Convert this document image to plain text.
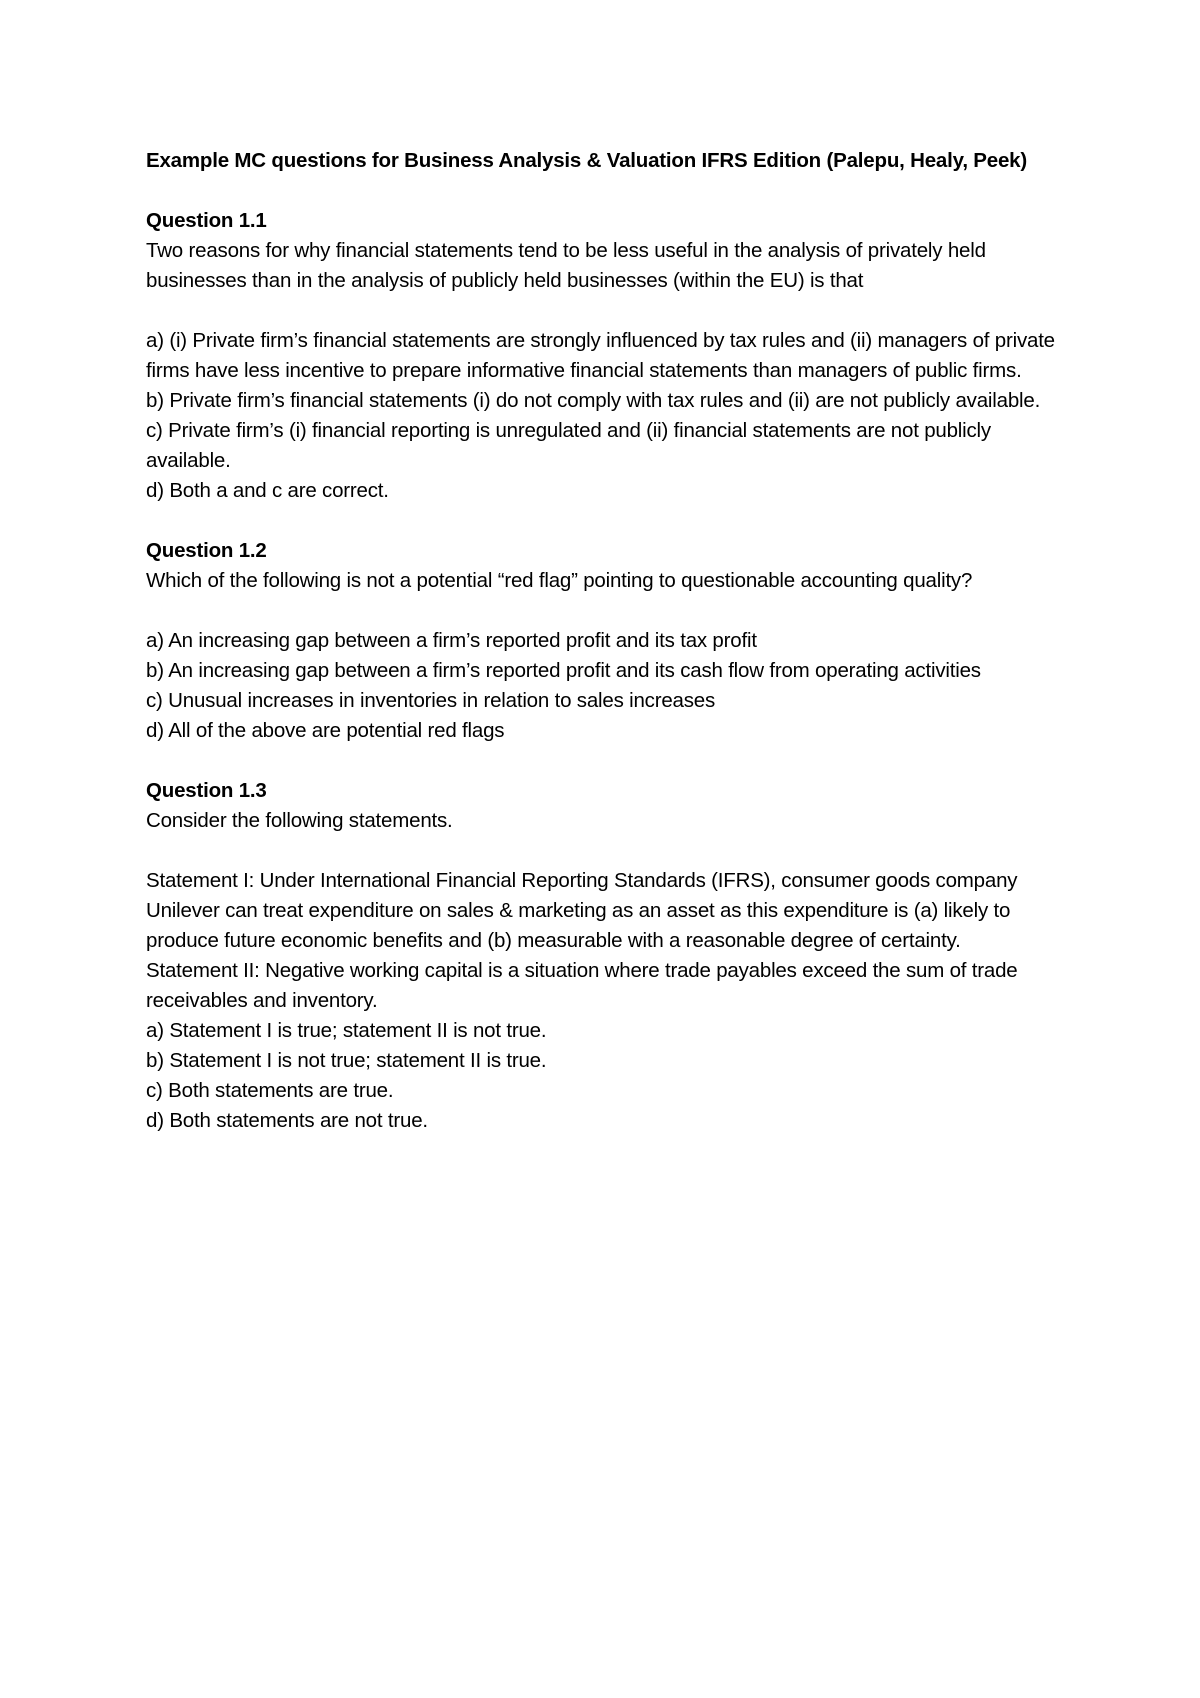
Example MC questions for Business Analysis & Valuation IFRS Edition (Palepu, Healy, Peek)

Question 1.1

Two reasons for why financial statements tend to be less useful in the analysis of privately held businesses than in the analysis of publicly held businesses (within the EU) is that

a) (i) Private firm’s financial statements are strongly influenced by tax rules and (ii) managers of private firms have less incentive to prepare informative financial statements than managers of public firms.

b) Private firm’s financial statements (i) do not comply with tax rules and (ii) are not publicly available.

c) Private firm’s (i) financial reporting is unregulated and (ii) financial statements are not publicly available.

d) Both a and c are correct.

Question 1.2

Which of the following is not a potential “red flag” pointing to questionable accounting quality?

a) An increasing gap between a firm’s reported profit and its tax profit

b) An increasing gap between a firm’s reported profit and its cash flow from operating activities

c) Unusual increases in inventories in relation to sales increases

d) All of the above are potential red flags

Question 1.3

Consider the following statements.

Statement I: Under International Financial Reporting Standards (IFRS), consumer goods company Unilever can treat expenditure on sales & marketing as an asset as this expenditure is (a) likely to produce future economic benefits and (b) measurable with a reasonable degree of certainty.

Statement II: Negative working capital is a situation where trade payables exceed the sum of trade receivables and inventory.

a) Statement I is true; statement II is not true.

b) Statement I is not true; statement II is true.

c) Both statements are true.

d) Both statements are not true.
